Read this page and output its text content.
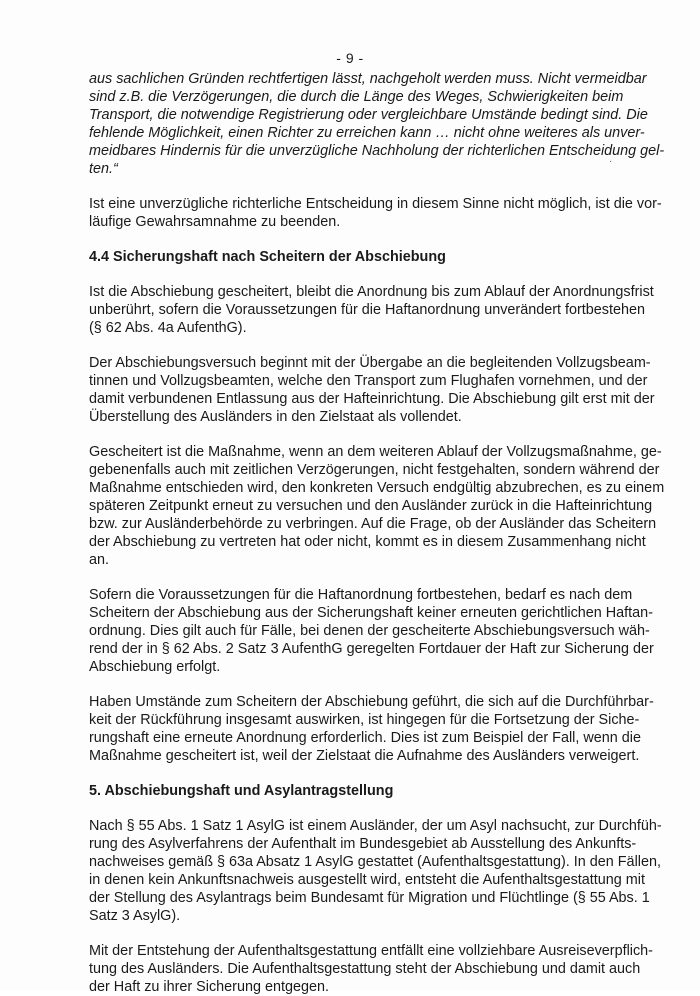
- 9 -
·

aus sachlichen Gründen rechtfertigen lässt, nachgeholt werden muss. Nicht vermeidbar

sind z.B. die Verzögerungen, die durch die Länge des Weges, Schwierigkeiten beim

Transport, die notwendige Registrierung oder vergleichbare Umstände bedingt sind. Die

fehlende Möglichkeit, einen Richter zu erreichen kann … nicht ohne weiteres als unver-

meidbares Hindernis für die unverzügliche Nachholung der richterlichen Entscheidung gel-

ten.“

Ist eine unverzügliche richterliche Entscheidung in diesem Sinne nicht möglich, ist die vor-

läufige Gewahrsamnahme zu beenden.

4.4 Sicherungshaft nach Scheitern der Abschiebung

Ist die Abschiebung gescheitert, bleibt die Anordnung bis zum Ablauf der Anordnungsfrist

unberührt, sofern die Voraussetzungen für die Haftanordnung unverändert fortbestehen

(§ 62 Abs. 4a AufenthG).

Der Abschiebungsversuch beginnt mit der Übergabe an die begleitenden Vollzugsbeam-

tinnen und Vollzugsbeamten, welche den Transport zum Flughafen vornehmen, und der

damit verbundenen Entlassung aus der Hafteinrichtung. Die Abschiebung gilt erst mit der

Überstellung des Ausländers in den Zielstaat als vollendet.

Gescheitert ist die Maßnahme, wenn an dem weiteren Ablauf der Vollzugsmaßnahme, ge-

gebenenfalls auch mit zeitlichen Verzögerungen, nicht festgehalten, sondern während der

Maßnahme entschieden wird, den konkreten Versuch endgültig abzubrechen, es zu einem

späteren Zeitpunkt erneut zu versuchen und den Ausländer zurück in die Hafteinrichtung

bzw. zur Ausländerbehörde zu verbringen. Auf die Frage, ob der Ausländer das Scheitern

der Abschiebung zu vertreten hat oder nicht, kommt es in diesem Zusammenhang nicht

an.

Sofern die Voraussetzungen für die Haftanordnung fortbestehen, bedarf es nach dem

Scheitern der Abschiebung aus der Sicherungshaft keiner erneuten gerichtlichen Haftan-

ordnung. Dies gilt auch für Fälle, bei denen der gescheiterte Abschiebungsversuch wäh-

rend der in § 62 Abs. 2 Satz 3 AufenthG geregelten Fortdauer der Haft zur Sicherung der

Abschiebung erfolgt.

Haben Umstände zum Scheitern der Abschiebung geführt, die sich auf die Durchführbar-

keit der Rückführung insgesamt auswirken, ist hingegen für die Fortsetzung der Siche-

rungshaft eine erneute Anordnung erforderlich. Dies ist zum Beispiel der Fall, wenn die

Maßnahme gescheitert ist, weil der Zielstaat die Aufnahme des Ausländers verweigert.

5. Abschiebungshaft und Asylantragstellung

Nach § 55 Abs. 1 Satz 1 AsylG ist einem Ausländer, der um Asyl nachsucht, zur Durchfüh-

rung des Asylverfahrens der Aufenthalt im Bundesgebiet ab Ausstellung des Ankunfts-

nachweises gemäß § 63a Absatz 1 AsylG gestattet (Aufenthaltsgestattung). In den Fällen,

in denen kein Ankunftsnachweis ausgestellt wird, entsteht die Aufenthaltsgestattung mit

der Stellung des Asylantrags beim Bundesamt für Migration und Flüchtlinge (§ 55 Abs. 1

Satz 3 AsylG).

Mit der Entstehung der Aufenthaltsgestattung entfällt eine vollziehbare Ausreiseverpflich-

tung des Ausländers. Die Aufenthaltsgestattung steht der Abschiebung und damit auch

der Haft zu ihrer Sicherung entgegen.
